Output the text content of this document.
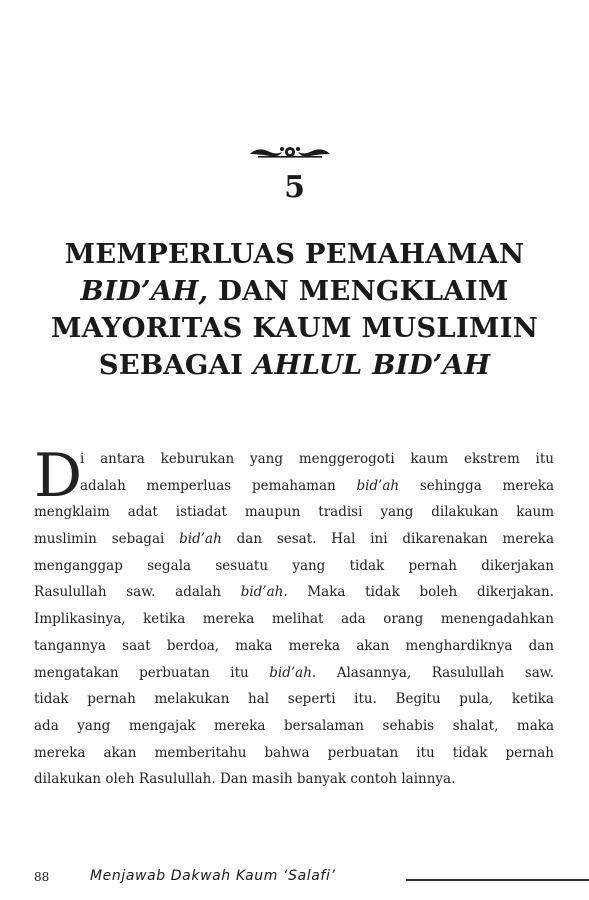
5
MEMPERLUAS PEMAHAMAN
BID’AH, DAN MENGKLAIM
MAYORITAS KAUM MUSLIMIN
SEBAGAI AHLUL BID’AH
D
i antara keburukan yang menggerogoti kaum ekstrem itu
adalah memperluas pemahaman bid’ah sehingga mereka
mengklaim adat istiadat maupun tradisi yang dilakukan kaum
muslimin sebagai bid’ah dan sesat. Hal ini dikarenakan mereka
menganggap segala sesuatu yang tidak pernah dikerjakan
Rasulullah saw. adalah bid’ah. Maka tidak boleh dikerjakan.
Implikasinya, ketika mereka melihat ada orang menengadahkan
tangannya saat berdoa, maka mereka akan menghardiknya dan
mengatakan perbuatan itu bid’ah. Alasannya, Rasulullah saw.
tidak pernah melakukan hal seperti itu. Begitu pula, ketika
ada yang mengajak mereka bersalaman sehabis shalat, maka
mereka akan memberitahu bahwa perbuatan itu tidak pernah
dilakukan oleh Rasulullah. Dan masih banyak contoh lainnya.
88	Menjawab Dakwah Kaum ‘Salafi’
